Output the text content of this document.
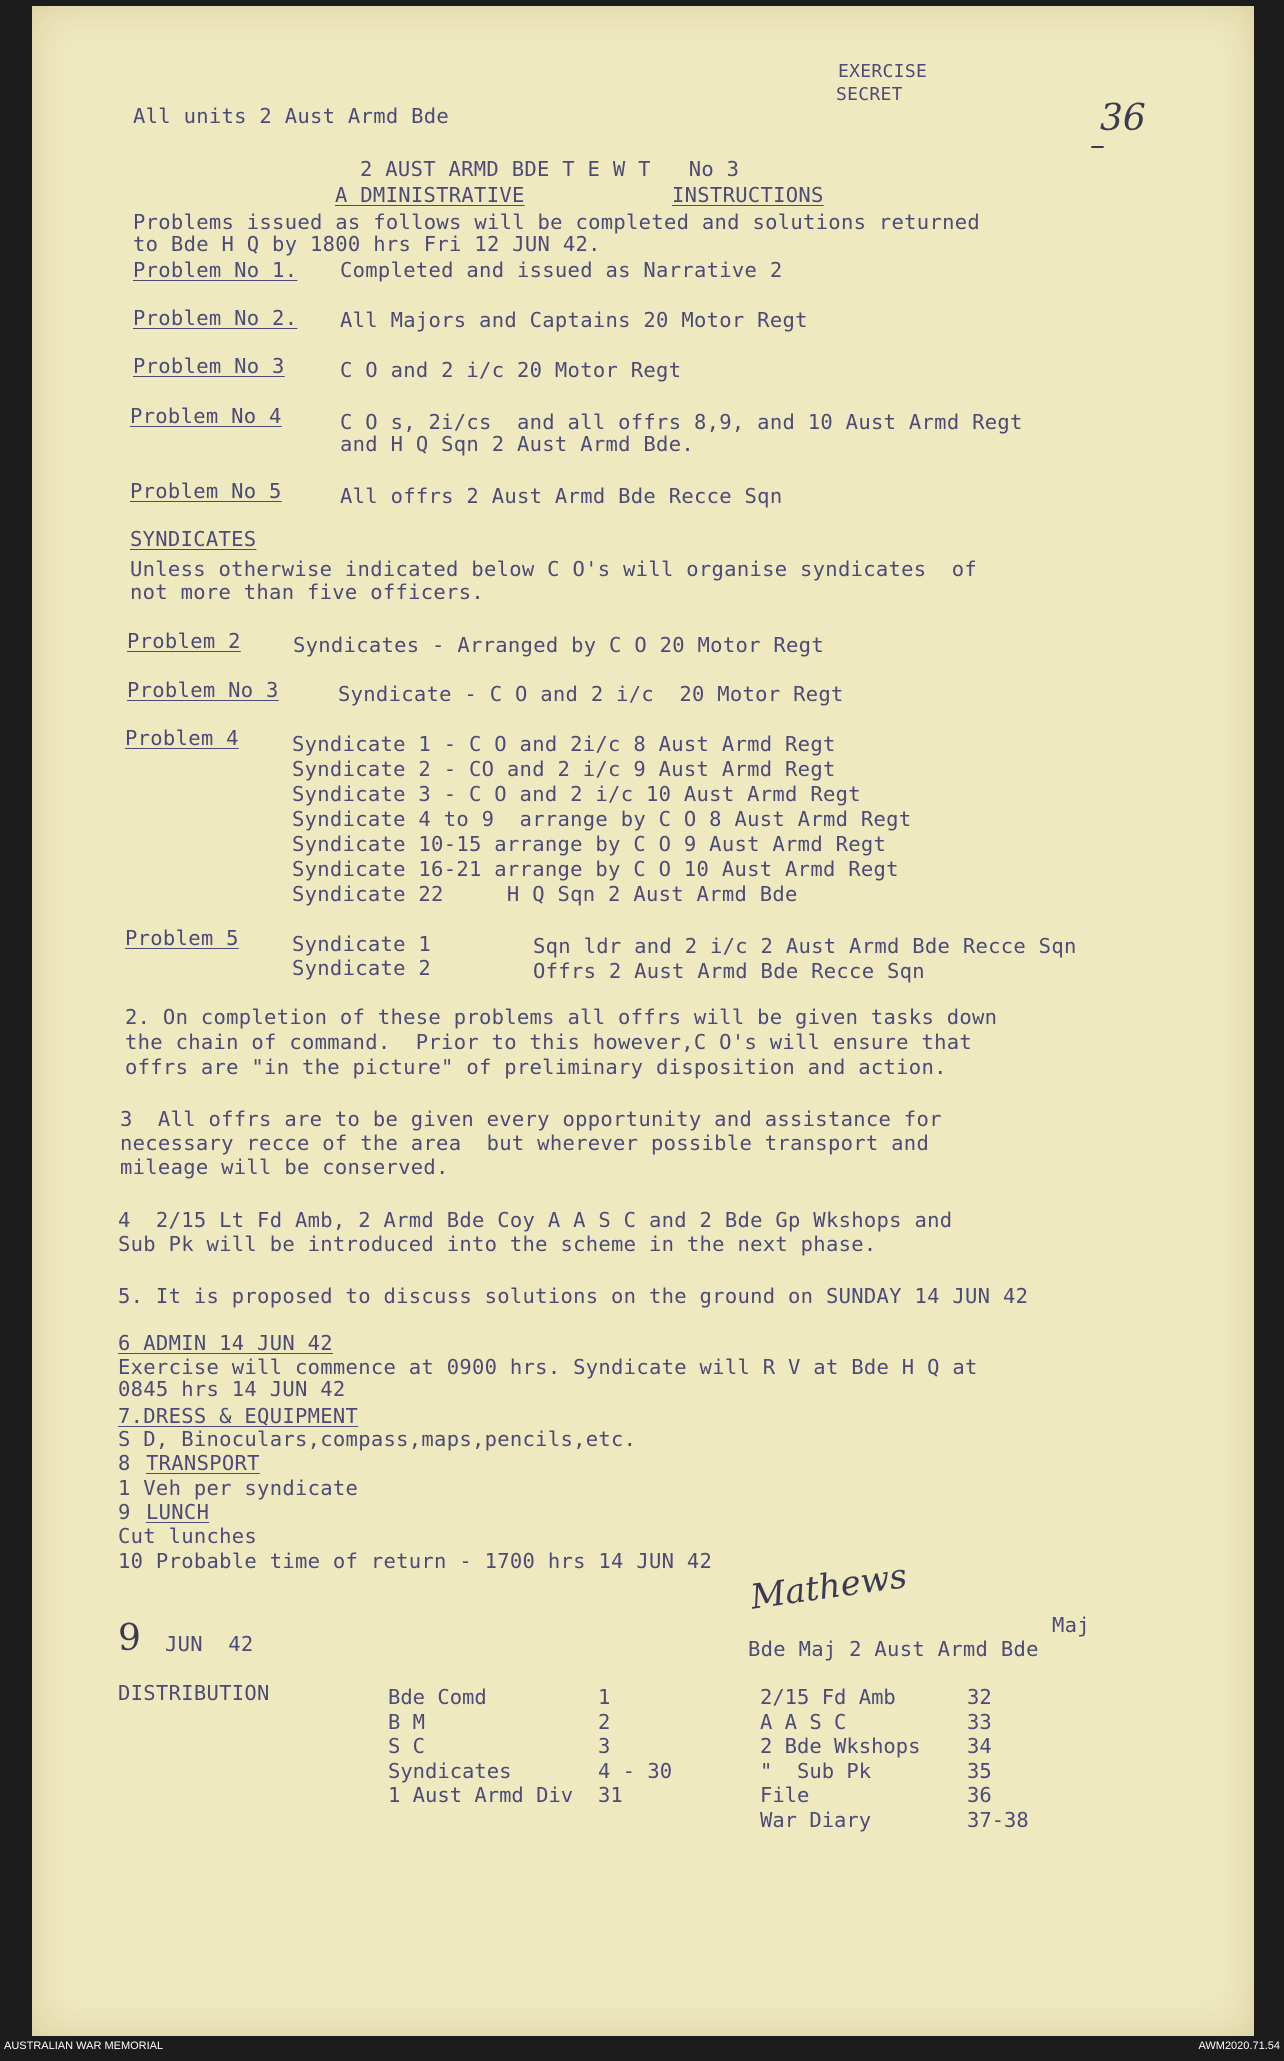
EXERCISE
SECRET
36
–
All units 2 Aust Armd Bde
2 AUST ARMD BDE T E W T   No 3
A DMINISTRATIVE	INSTRUCTIONS
Problems issued as follows will be completed and solutions returned
to Bde H Q by 1800 hrs Fri 12 JUN 42.
Problem No 1. Completed and issued as Narrative 2
Problem No 2. All Majors and Captains 20 Motor Regt
Problem No 3	C O and 2 i/c 20 Motor Regt
Problem No 4	C O s, 2i/cs  and all offrs 8,9, and 10 Aust Armd Regt
and H Q Sqn 2 Aust Armd Bde.
Problem No 5	All offrs 2 Aust Armd Bde Recce Sqn
SYNDICATES
Unless otherwise indicated below C O's will organise syndicates  of
not more than five officers.
Problem 2	Syndicates - Arranged by C O 20 Motor Regt
Problem No 3	Syndicate - C O and 2 i/c  20 Motor Regt
Problem 4	Syndicate 1 - C O and 2i/c 8 Aust Armd Regt
Syndicate 2 - CO and 2 i/c 9 Aust Armd Regt
Syndicate 3 - C O and 2 i/c 10 Aust Armd Regt
Syndicate 4 to 9  arrange by C O 8 Aust Armd Regt
Syndicate 10-15 arrange by C O 9 Aust Armd Regt
Syndicate 16-21 arrange by C O 10 Aust Armd Regt
Syndicate 22     H Q Sqn 2 Aust Armd Bde
Problem 5	Syndicate 1	Sqn ldr and 2 i/c 2 Aust Armd Bde Recce Sqn
Syndicate 2	Offrs 2 Aust Armd Bde Recce Sqn
2. On completion of these problems all offrs will be given tasks down
the chain of command.  Prior to this however,C O's will ensure that
offrs are "in the picture" of preliminary disposition and action.
3  All offrs are to be given every opportunity and assistance for
necessary recce of the area  but wherever possible transport and
mileage will be conserved.
4  2/15 Lt Fd Amb, 2 Armd Bde Coy A A S C and 2 Bde Gp Wkshops and
Sub Pk will be introduced into the scheme in the next phase.
5. It is proposed to discuss solutions on the ground on SUNDAY 14 JUN 42
6 ADMIN 14 JUN 42
Exercise will commence at 0900 hrs. Syndicate will R V at Bde H Q at
0845 hrs 14 JUN 42
7.DRESS & EQUIPMENT
S D, Binoculars,compass,maps,pencils,etc.
8 TRANSPORT
1 Veh per syndicate
9 LUNCH
Cut lunches
10 Probable time of return - 1700 hrs 14 JUN 42 Mathews
Maj
Bde Maj 2 Aust Armd Bde
9 JUN  42
DISTRIBUTION	Bde Comd	1
B M	2
S C	3
Syndicates	4 - 30
1 Aust Armd Div	31
2/15 Fd Amb	32
A A S C	33
2 Bde Wkshops	34
"  Sub Pk	35
File	36
War Diary	37-38
AUSTRALIAN WAR MEMORIAL	AWM2020.71.54
